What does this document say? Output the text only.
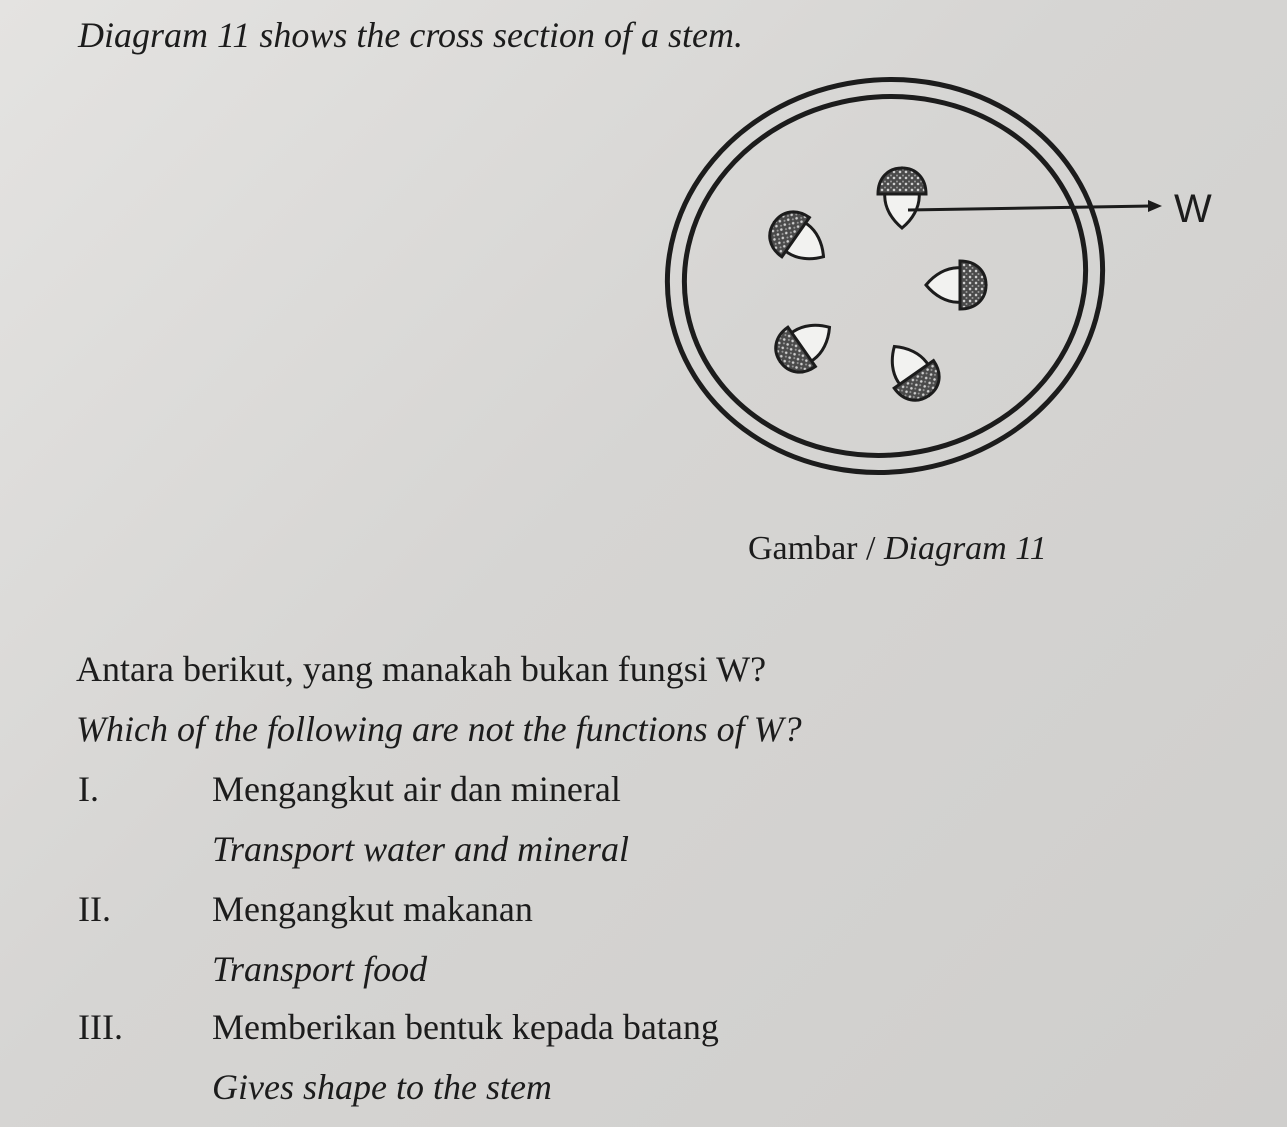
Diagram 11 shows the cross section of a stem.
W
Gambar / Diagram 11

Antara berikut, yang manakah bukan fungsi W?

Which of the following are not the functions of W?

I.	Mengangkut air dan mineral
Transport water and mineral
II.	Mengangkut makanan
Transport food
III. Memberikan bentuk kepada batang
Gives shape to the stem
